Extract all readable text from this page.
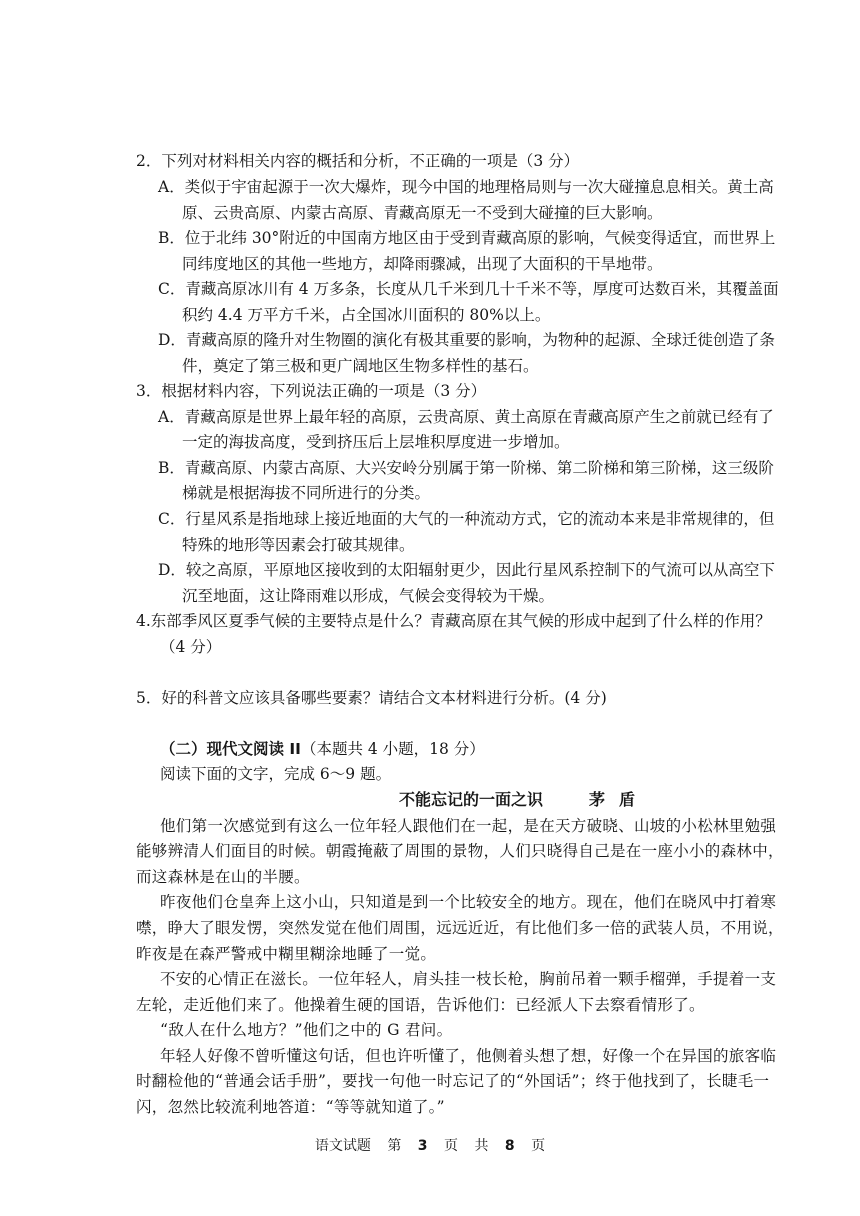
2．下列对材料相关内容的概括和分析，不正确的一项是（3 分）
A．类似于宇宙起源于一次大爆炸，现今中国的地理格局则与一次大碰撞息息相关。黄土高
原、云贵高原、内蒙古高原、青藏高原无一不受到大碰撞的巨大影响。
B．位于北纬 30°附近的中国南方地区由于受到青藏高原的影响，气候变得适宜，而世界上
同纬度地区的其他一些地方，却降雨骤减，出现了大面积的干旱地带。
C．青藏高原冰川有 4 万多条，长度从几千米到几十千米不等，厚度可达数百米，其覆盖面
积约 4.4 万平方千米，占全国冰川面积的 80%以上。
D．青藏高原的隆升对生物圈的演化有极其重要的影响，为物种的起源、全球迁徙创造了条
件，奠定了第三极和更广阔地区生物多样性的基石。
3．根据材料内容，下列说法正确的一项是（3 分）
A．青藏高原是世界上最年轻的高原，云贵高原、黄土高原在青藏高原产生之前就已经有了
一定的海拔高度，受到挤压后上层堆积厚度进一步增加。
B．青藏高原、内蒙古高原、大兴安岭分别属于第一阶梯、第二阶梯和第三阶梯，这三级阶
梯就是根据海拔不同所进行的分类。
C．行星风系是指地球上接近地面的大气的一种流动方式，它的流动本来是非常规律的，但
特殊的地形等因素会打破其规律。
D．较之高原，平原地区接收到的太阳辐射更少，因此行星风系控制下的气流可以从高空下
沉至地面，这让降雨难以形成，气候会变得较为干燥。
4.东部季风区夏季气候的主要特点是什么？青藏高原在其气候的形成中起到了什么样的作用？
（4 分）
5．好的科普文应该具备哪些要素？请结合文本材料进行分析。(4 分)
（二）现代文阅读 II（本题共 4 小题，18 分）
阅读下面的文字，完成 6～9 题。
不能忘记的一面之识	茅盾
他们第一次感觉到有这么一位年轻人跟他们在一起，是在天方破晓、山坡的小松林里勉强
能够辨清人们面目的时候。朝霞掩蔽了周围的景物，人们只晓得自己是在一座小小的森林中，
而这森林是在山的半腰。
昨夜他们仓皇奔上这小山，只知道是到一个比较安全的地方。现在，他们在晓风中打着寒
噤，睁大了眼发愣，突然发觉在他们周围，远远近近，有比他们多一倍的武装人员，不用说，
昨夜是在森严警戒中糊里糊涂地睡了一觉。
不安的心情正在滋长。一位年轻人，肩头挂一枝长枪，胸前吊着一颗手榴弹，手提着一支
左轮，走近他们来了。他操着生硬的国语，告诉他们：已经派人下去察看情形了。
“敌人在什么地方？”他们之中的 G 君问。
年轻人好像不曾听懂这句话，但也许听懂了，他侧着头想了想，好像一个在异国的旅客临
时翻检他的“普通会话手册”，要找一句他一时忘记了的“外国话”；终于他找到了，长睫毛一
闪，忽然比较流利地答道：“等等就知道了。”
语文试题 第 3 页 共 8 页
